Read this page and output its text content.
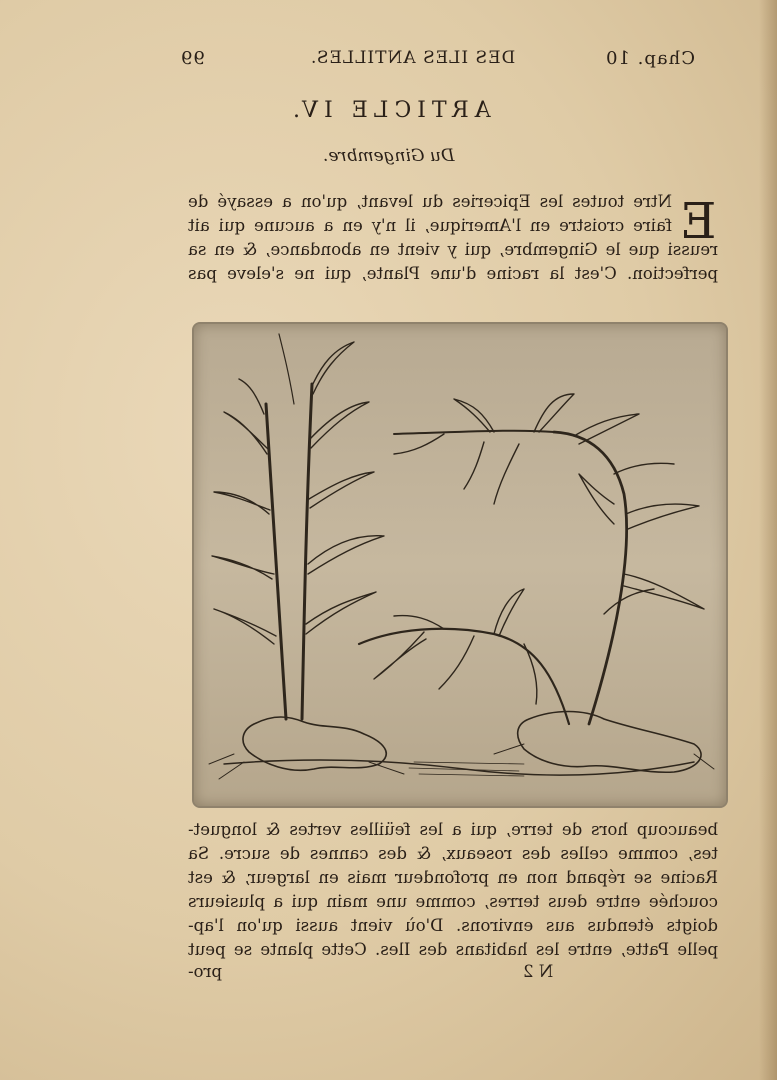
99	DES ILES ANTILLES.	Chap. 10
ARTICLE IV.
Du Gingembre.
E
Ntre toutes les Epiceries du levant, qu'on a essayé de
faire croistre en l'Amerique, il n'y en a aucune qui ait
reussi que le Gingembre, qui y vient en abondance, & en sa
perfection. C'est la racine d'une Plante, qui ne s'eleve pas
beaucoup hors de terre, qui a les feüilles vertes & longuet-
tes, comme celles des roseaux, & des cannes de sucre. Sa
Racine se répand non en profondeur mais en largeur, & est
couchée entre deus terres, comme une main qui a plusieurs
doigts étendus aus environs. D'où vient aussi qu'on l'ap-
pelle Patte, entre les habitans des Iles. Cette plante se peut
pro-	N 2
